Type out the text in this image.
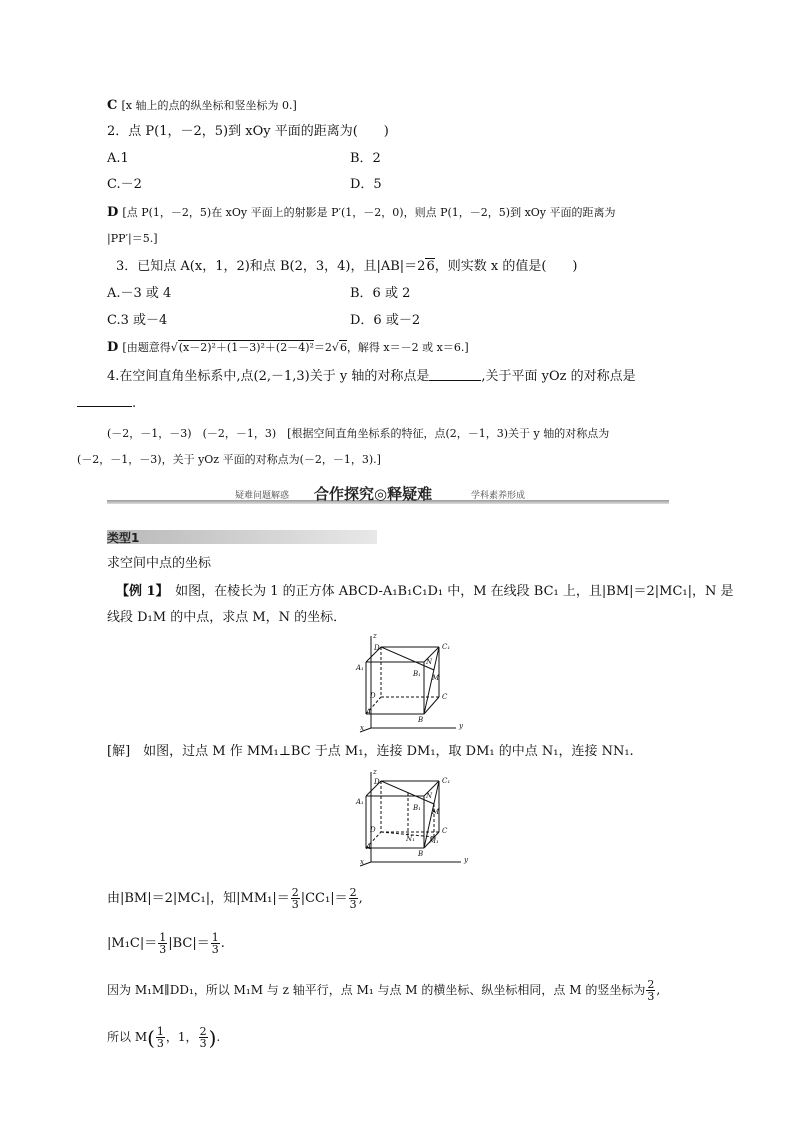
C [x 轴上的点的纵坐标和竖坐标为 0.]
2．点 P(1，－2，5)到 xOy 平面的距离为(　　)
A.1	B．2
C.－2	D．5
D [点 P(1，－2，5)在 xOy 平面上的射影是 P′(1，－2，0)，则点 P(1，－2，5)到 xOy 平面的距离为
|PP′|＝5.]
3．已知点 A(x，1，2)和点 B(2，3，4)，且|AB|＝26，则实数 x 的值是(　　)
A.－3 或 4	B．6 或 2
C.3 或－4	D．6 或－2
D [由题意得√(x－2)²＋(1－3)²＋(2－4)²＝2√6，解得 x＝－2 或 x＝6.]
4.在空间直角坐标系中,点(2,－1,3)关于 y 轴的对称点是	,关于平面 yOz 的对称点是
.
(－2，－1，－3)　(－2，－1，3)　[根据空间直角坐标系的特征，点(2，－1，3)关于 y 轴的对称点为
(－2，－1，－3)，关于 yOz 平面的对称点为(－2，－1，3).]
疑难问题解惑 合作探究◎释疑难	学科素养形成
类型1
求空间中点的坐标
【例 1】　如图，在棱长为 1 的正方体 ABCD-A₁B₁C₁D₁ 中，M 在线段 BC₁ 上，且|BM|＝2|MC₁|，N 是
线段 D₁M 的中点，求点 M，N 的坐标．
z
D₁	C₁
A₁
B₁
N
M
D	C
y
A
B
x
[解]　如图，过点 M 作 MM₁⊥BC 于点 M₁，连接 DM₁，取 DM₁ 的中点 N₁，连接 NN₁.
z
D₁	C₁
A₁
B₁
N
M
D	C
N₁ M₁
y
A
B
x
由|BM|＝2|MC₁|，知$|MM_1|= \frac{2}{3} |CC_1|= \frac{2}{3}$ ,
$|M_1C|= \frac{1}{3} |BC|= \frac{1}{3}$ .
因为 M₁M∥DD₁，所以 M₁M 与 z 轴平行，点 M₁ 与点 M 的横坐标、纵坐标相同，点 M 的竖坐标为 $\frac{2}{3}$ ,
所以 $M( \frac{1}{3}$ ，1， $\frac{2}{3}$ ).
